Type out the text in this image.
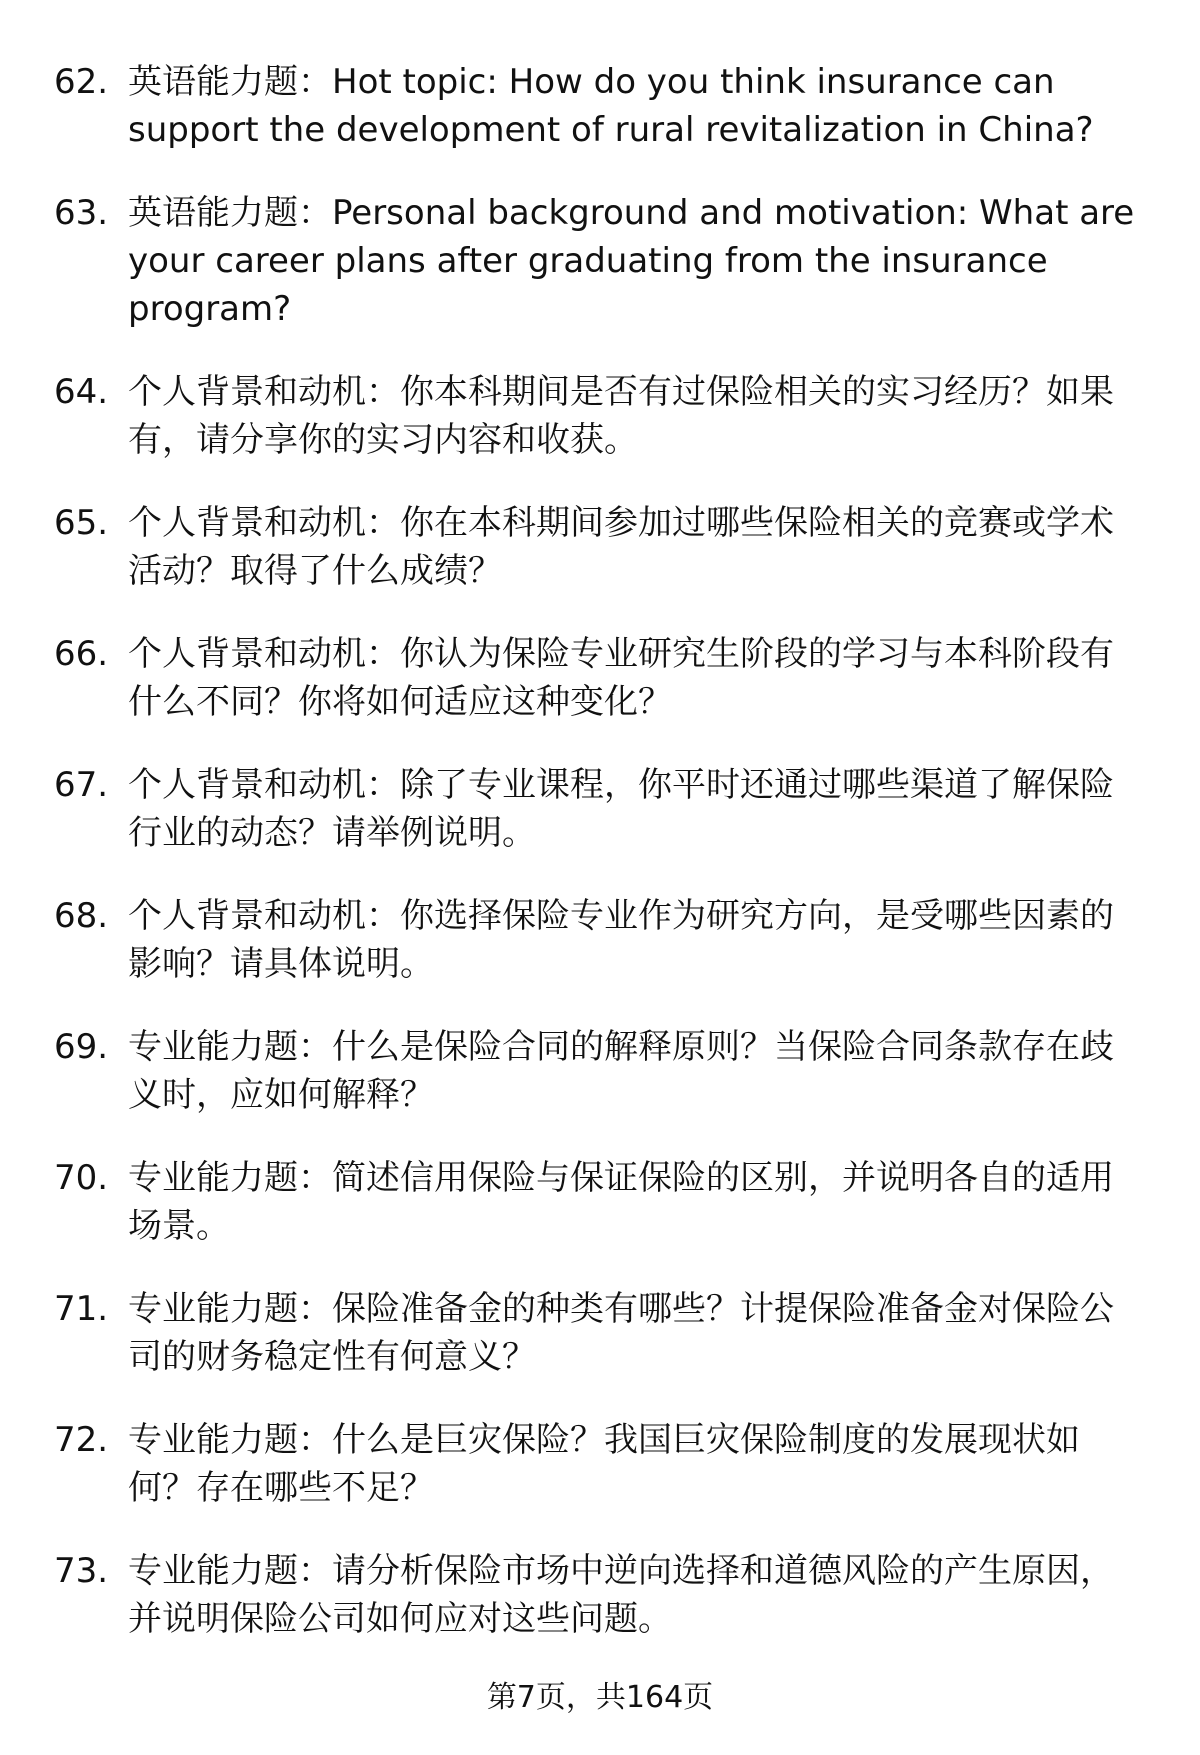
62. 英语能力题：Hot topic: How do you think insurance can support the development of rural revitalization in China?
63. 英语能力题：Personal background and motivation: What are your career plans after graduating from the insurance program?
64. 个人背景和动机：你本科期间是否有过保险相关的实习经历？如果有，请分享你的实习内容和收获。
65. 个人背景和动机：你在本科期间参加过哪些保险相关的竞赛或学术活动？取得了什么成绩？
66. 个人背景和动机：你认为保险专业研究生阶段的学习与本科阶段有什么不同？你将如何适应这种变化？
67. 个人背景和动机：除了专业课程，你平时还通过哪些渠道了解保险行业的动态？请举例说明。
68. 个人背景和动机：你选择保险专业作为研究方向，是受哪些因素的影响？请具体说明。
69. 专业能力题：什么是保险合同的解释原则？当保险合同条款存在歧义时，应如何解释？
70. 专业能力题：简述信用保险与保证保险的区别，并说明各自的适用场景。
71. 专业能力题：保险准备金的种类有哪些？计提保险准备金对保险公司的财务稳定性有何意义？
72. 专业能力题：什么是巨灾保险？我国巨灾保险制度的发展现状如何？存在哪些不足？
73. 专业能力题：请分析保险市场中逆向选择和道德风险的产生原因，并说明保险公司如何应对这些问题。
第7页，共164页
